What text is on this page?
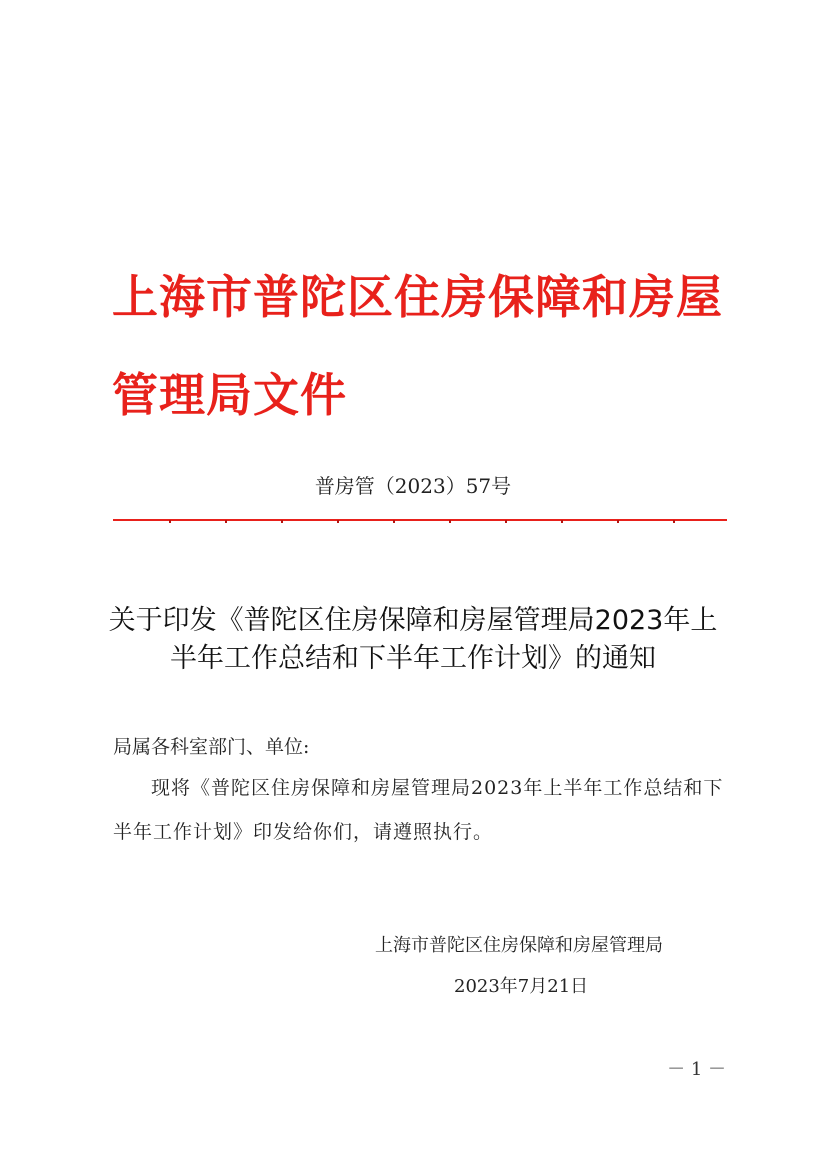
上海市普陀区住房保障和房屋管理局文件
普房管（2023）57号
关于印发《普陀区住房保障和房屋管理局2023年上半年工作总结和下半年工作计划》的通知
局属各科室部门、单位:

现将《普陀区住房保障和房屋管理局2023年上半年工作总结和下半年工作计划》印发给你们，请遵照执行。

上海市普陀区住房保障和房屋管理局
2023年7月21日
－ 1 －
